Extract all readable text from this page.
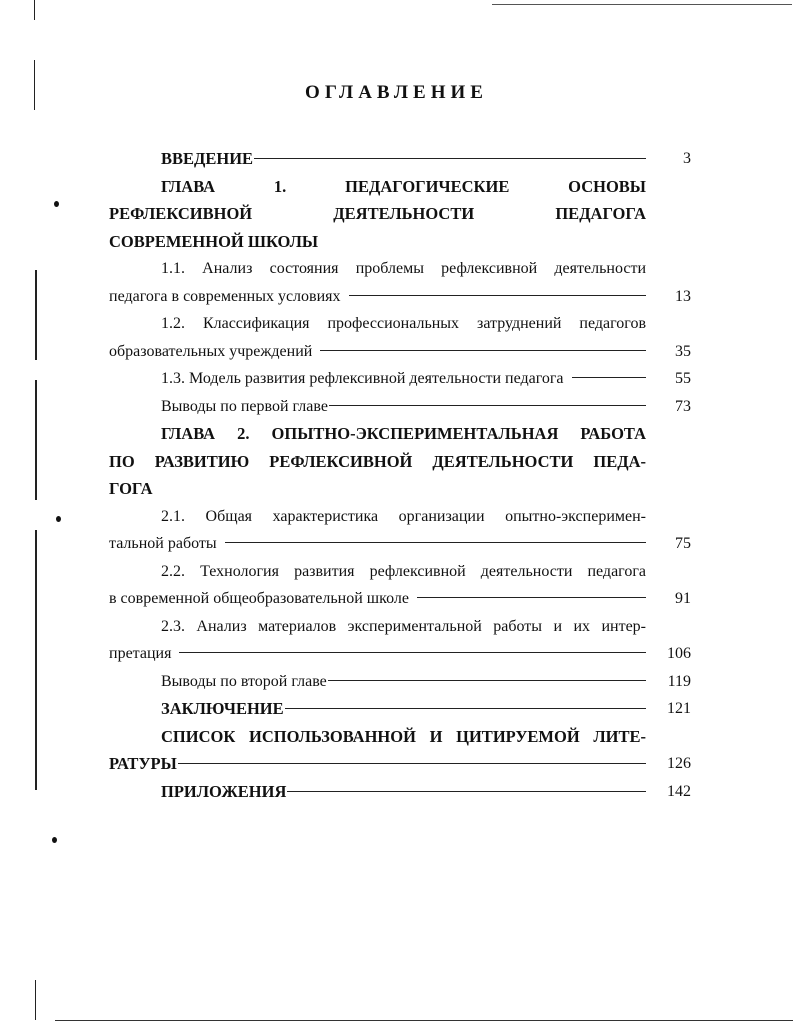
ОГЛАВЛЕНИЕ
ВВЕДЕНИЕ	3
ГЛАВА 1. ПЕДАГОГИЧЕСКИЕ ОСНОВЫ
РЕФЛЕКСИВНОЙ ДЕЯТЕЛЬНОСТИ ПЕДАГОГА
СОВРЕМЕННОЙ ШКОЛЫ
1.1. Анализ состояния проблемы рефлексивной деятельности
педагога в современных условиях	13
1.2. Классификация профессиональных затруднений педагогов
образовательных учреждений	35
1.3. Модель развития рефлексивной деятельности педагога	55
Выводы по первой главе	73
ГЛАВА 2. ОПЫТНО-ЭКСПЕРИМЕНТАЛЬНАЯ РАБОТА
ПО РАЗВИТИЮ РЕФЛЕКСИВНОЙ ДЕЯТЕЛЬНОСТИ ПЕДА-
ГОГА
2.1. Общая характеристика организации опытно-эксперимен-
тальной работы	75
2.2. Технология развития рефлексивной деятельности педагога
в современной общеобразовательной школе	91
2.3. Анализ материалов экспериментальной работы и их интер-
претация	106
Выводы по второй главе	119
ЗАКЛЮЧЕНИЕ	121
СПИСОК ИСПОЛЬЗОВАННОЙ И ЦИТИРУЕМОЙ ЛИТЕ-
РАТУРЫ	126
ПРИЛОЖЕНИЯ	142
